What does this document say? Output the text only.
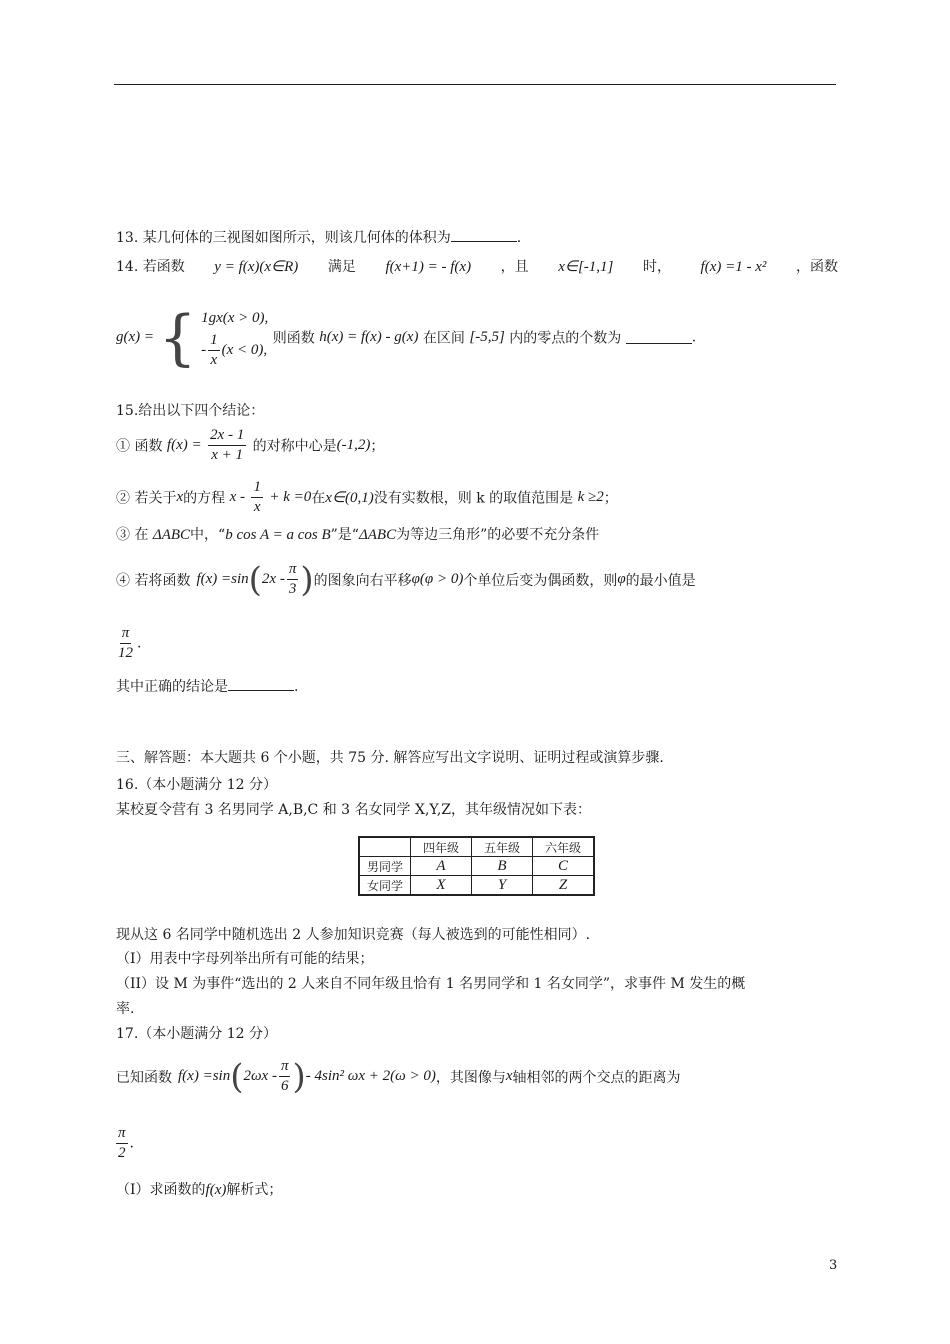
13. 某几何体的三视图如图所示，则该几何体的体积为	.
14. 若函数 y = f(x)(x∈R) 满足 f(x+1) = - f(x) ，且 x∈[-1,1] 时， f(x) =1 - x² ，函数
g(x) = { 1gx(x > 0),
- $\frac{1}{x} (x < 0)$,
则函数 h(x) = f(x) - g(x) 在区间 [-5,5] 内的零点的个数为	.
15.给出以下四个结论：
① 函数 $f(x) = \frac{2x - 1}{x + 1}$ 的对称中心是(-1,2)；
② 若关于x的方程 $x - \frac{1}{x} + k =0$在x∈(0,1)没有实数根，则 k 的取值范围是 k ≥2；
③ 在 ΔABC中，“b cos A = a cos B”是“ΔABC为等边三角形”的必要不充分条件
④ 若将函数 f(x) =sin ( $2x - \frac{\pi}{3}$ ) 的图象向右平移 φ(φ > 0) 个单位后变为偶函数，则 φ 的最小值是
$\frac{\pi}{12}$ .
其中正确的结论是	.
三、解答题：本大题共 6 个小题，共 75 分. 解答应写出文字说明、证明过程或演算步骤.
16.（本小题满分 12 分）
某校夏令营有 3 名男同学 A,B,C 和 3 名女同学 X,Y,Z，其年级情况如下表：
	四年级	五年级	六年级
男同学	A	B	C
女同学	X	Y	Z
现从这 6 名同学中随机选出 2 人参加知识竞赛（每人被选到的可能性相同）.
（I）用表中字母列举出所有可能的结果；
（II）设 M 为事件“选出的 2 人来自不同年级且恰有 1 名男同学和 1 名女同学”，求事件 M 发生的概
率.
17.（本小题满分 12 分）
已知函数 f(x) =sin ( $2\omega x - \frac{\pi}{6}$ ) - 4sin² ωx + 2(ω > 0) ，其图像与 x 轴相邻的两个交点的距离为
$\frac{\pi}{2}$ .
（I）求函数的f(x)解析式；
3
